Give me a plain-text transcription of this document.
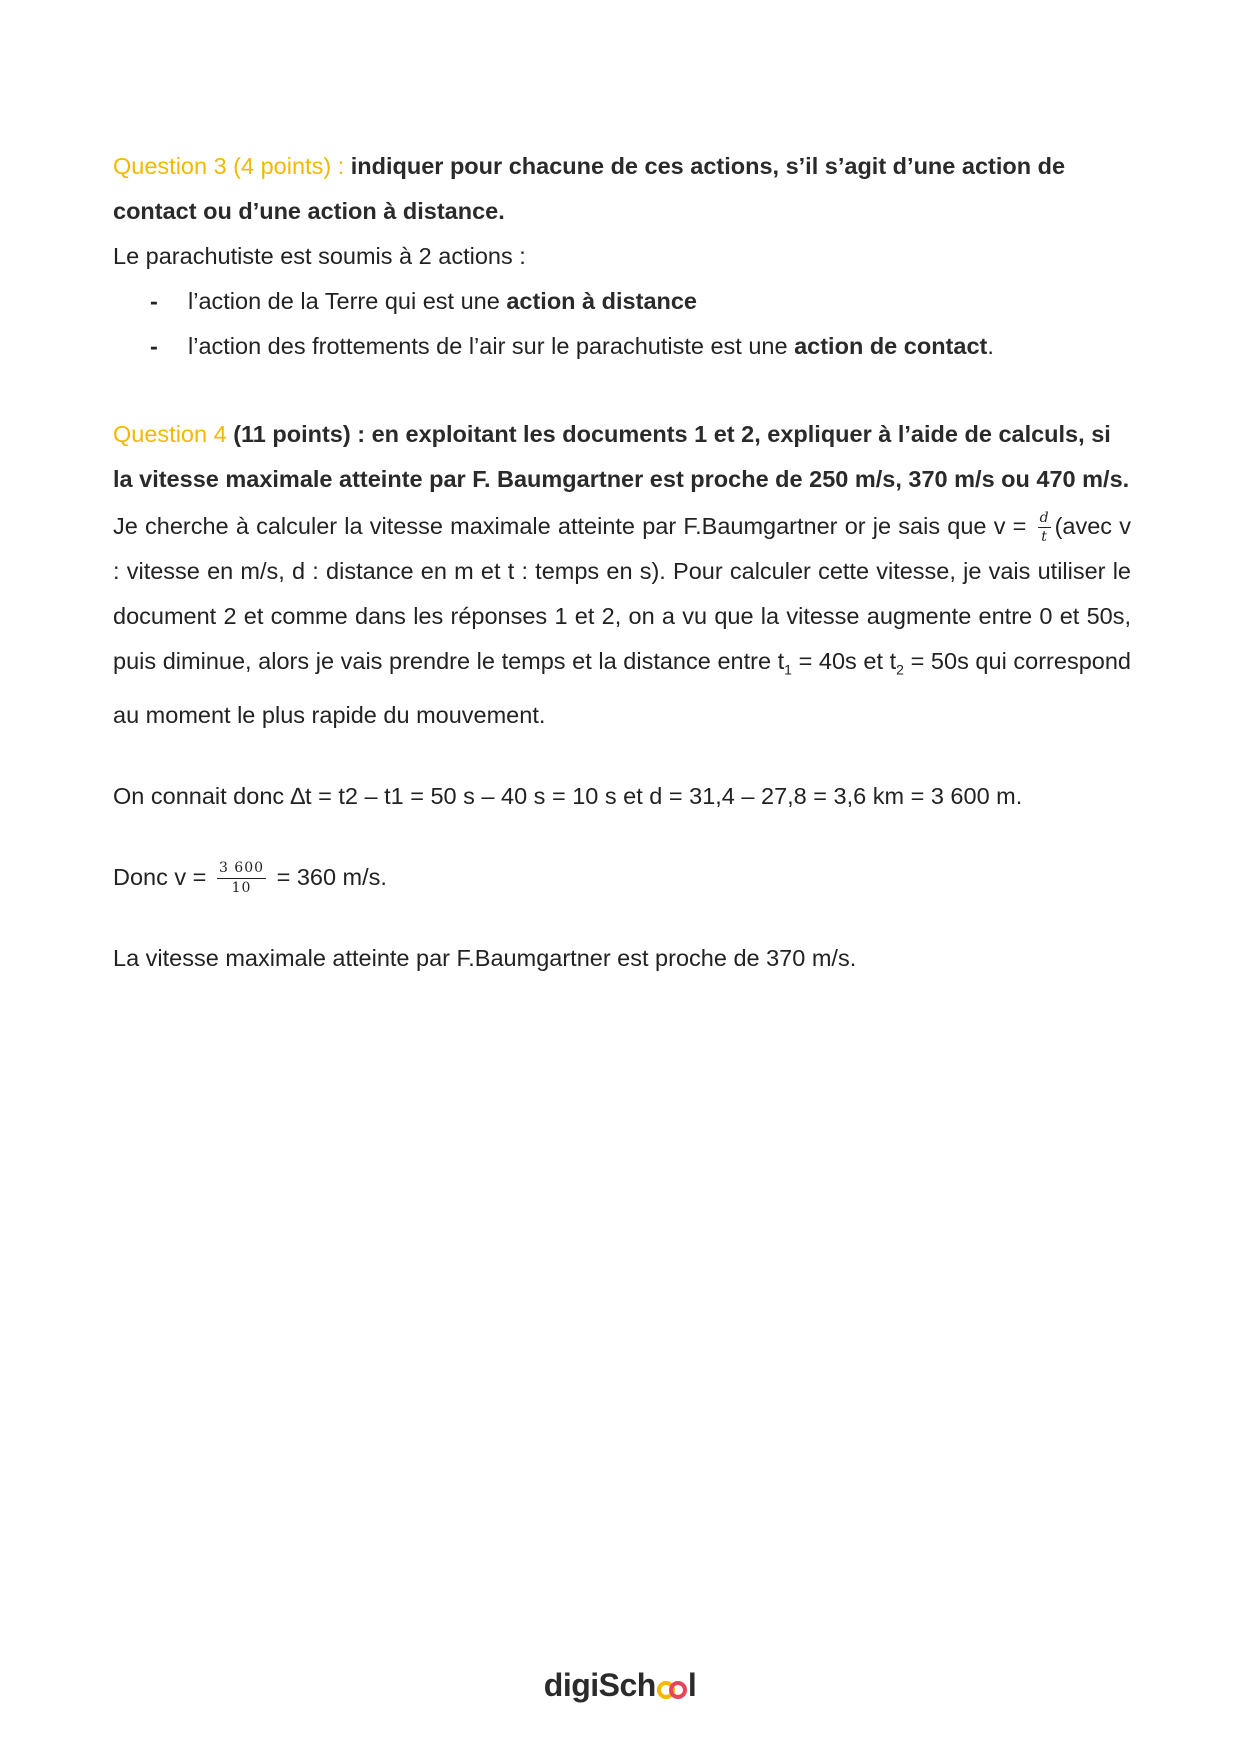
Question 3 (4 points) : indiquer pour chacune de ces actions, s’il s’agit d’une action de contact ou d’une action à distance.

Le parachutiste est soumis à 2 actions :

- l’action de la Terre qui est une action à distance
- l’action des frottements de l’air sur le parachutiste est une action de contact.

Question 4 (11 points) : en exploitant les documents 1 et 2, expliquer à l’aide de calculs, si la vitesse maximale atteinte par F. Baumgartner est proche de 250 m/s, 370 m/s ou 470 m/s.

Je cherche à calculer la vitesse maximale atteinte par F.Baumgartner or je sais que $v = \frac{d}{t}$ (avec v : vitesse en m/s, d : distance en m et t : temps en s). Pour calculer cette vitesse, je vais utiliser le document 2 et comme dans les réponses 1 et 2, on a vu que la vitesse augmente entre 0 et 50s, puis diminue, alors je vais prendre le temps et la distance entre $t_1 = 40s$ et $t_2 = 50s$ qui correspond au moment le plus rapide du mouvement.

On connait donc ∆t = t2 – t1 = 50 s – 40 s = 10 s et d = 31,4 – 27,8 = 3,6 km = 3 600 m.

Donc $v = \frac{3 600}{10} = 360$ m/s.

La vitesse maximale atteinte par F.Baumgartner est proche de 370 m/s.

digiSch l
